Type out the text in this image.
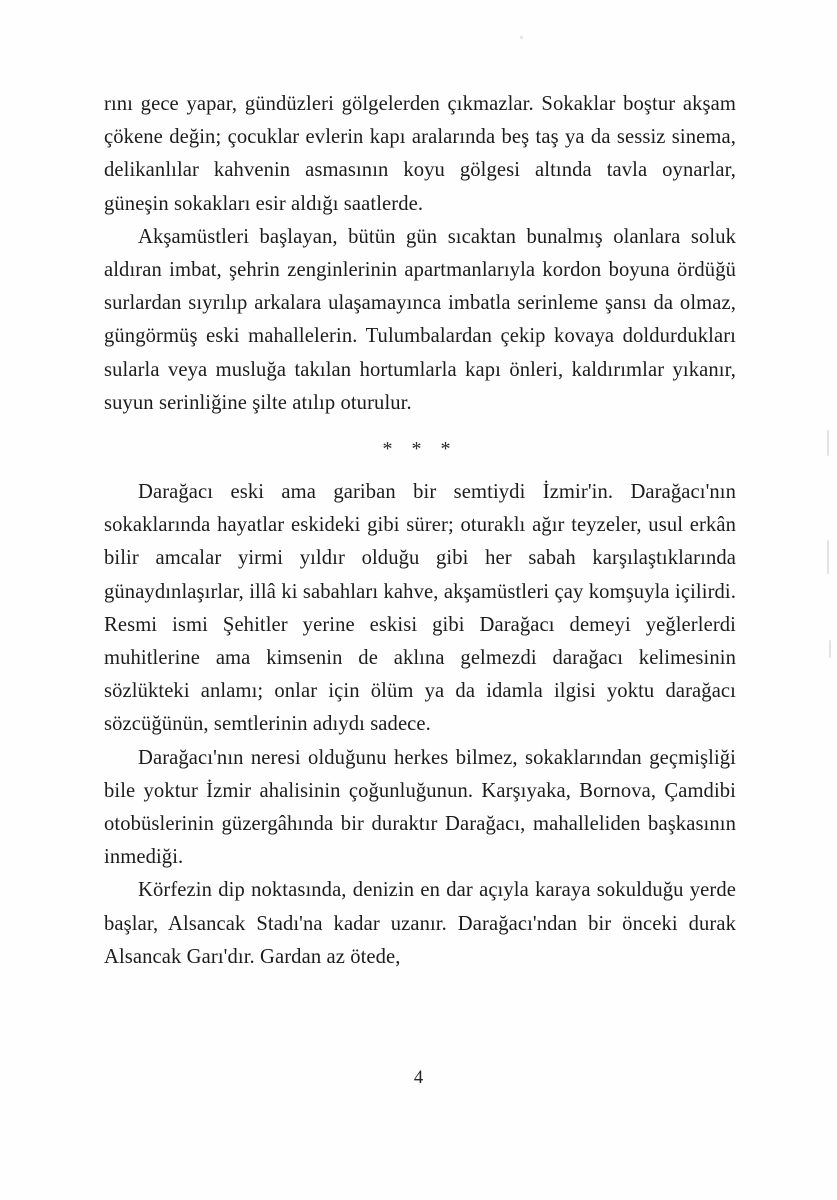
rını gece yapar, gündüzleri gölgelerden çıkmazlar. Sokaklar boştur akşam çökene değin; çocuklar evlerin kapı aralarında beş taş ya da sessiz sinema, delikanlılar kahvenin asmasının koyu gölgesi altında tavla oynarlar, güneşin sokakları esir aldığı saatlerde.

Akşamüstleri başlayan, bütün gün sıcaktan bunalmış olanlara soluk aldıran imbat, şehrin zenginlerinin apartmanlarıyla kordon boyuna ördüğü surlardan sıyrılıp arkalara ulaşamayınca imbatla serinleme şansı da olmaz, güngörmüş eski mahallelerin. Tulumbalardan çekip kovaya doldurdukları sularla veya musluğa takılan hortumlarla kapı önleri, kaldırımlar yıkanır, suyun serinliğine şilte atılıp oturulur.

* * *

Darağacı eski ama gariban bir semtiydi İzmir'in. Darağacı'nın sokaklarında hayatlar eskideki gibi sürer; oturaklı ağır teyzeler, usul erkân bilir amcalar yirmi yıldır olduğu gibi her sabah karşılaştıklarında günaydınlaşırlar, illâ ki sabahları kahve, akşamüstleri çay komşuyla içilirdi. Resmi ismi Şehitler yerine eskisi gibi Darağacı demeyi yeğlerlerdi muhitlerine ama kimsenin de aklına gelmezdi darağacı kelimesinin sözlükteki anlamı; onlar için ölüm ya da idamla ilgisi yoktu darağacı sözcüğünün, semtlerinin adıydı sadece.

Darağacı'nın neresi olduğunu herkes bilmez, sokaklarından geçmişliği bile yoktur İzmir ahalisinin çoğunluğunun. Karşıyaka, Bornova, Çamdibi otobüslerinin güzergâhında bir duraktır Darağacı, mahalleliden başkasının inmediği.

Körfezin dip noktasında, denizin en dar açıyla karaya sokulduğu yerde başlar, Alsancak Stadı'na kadar uzanır. Darağacı'ndan bir önceki durak Alsancak Garı'dır. Gardan az ötede,

4
